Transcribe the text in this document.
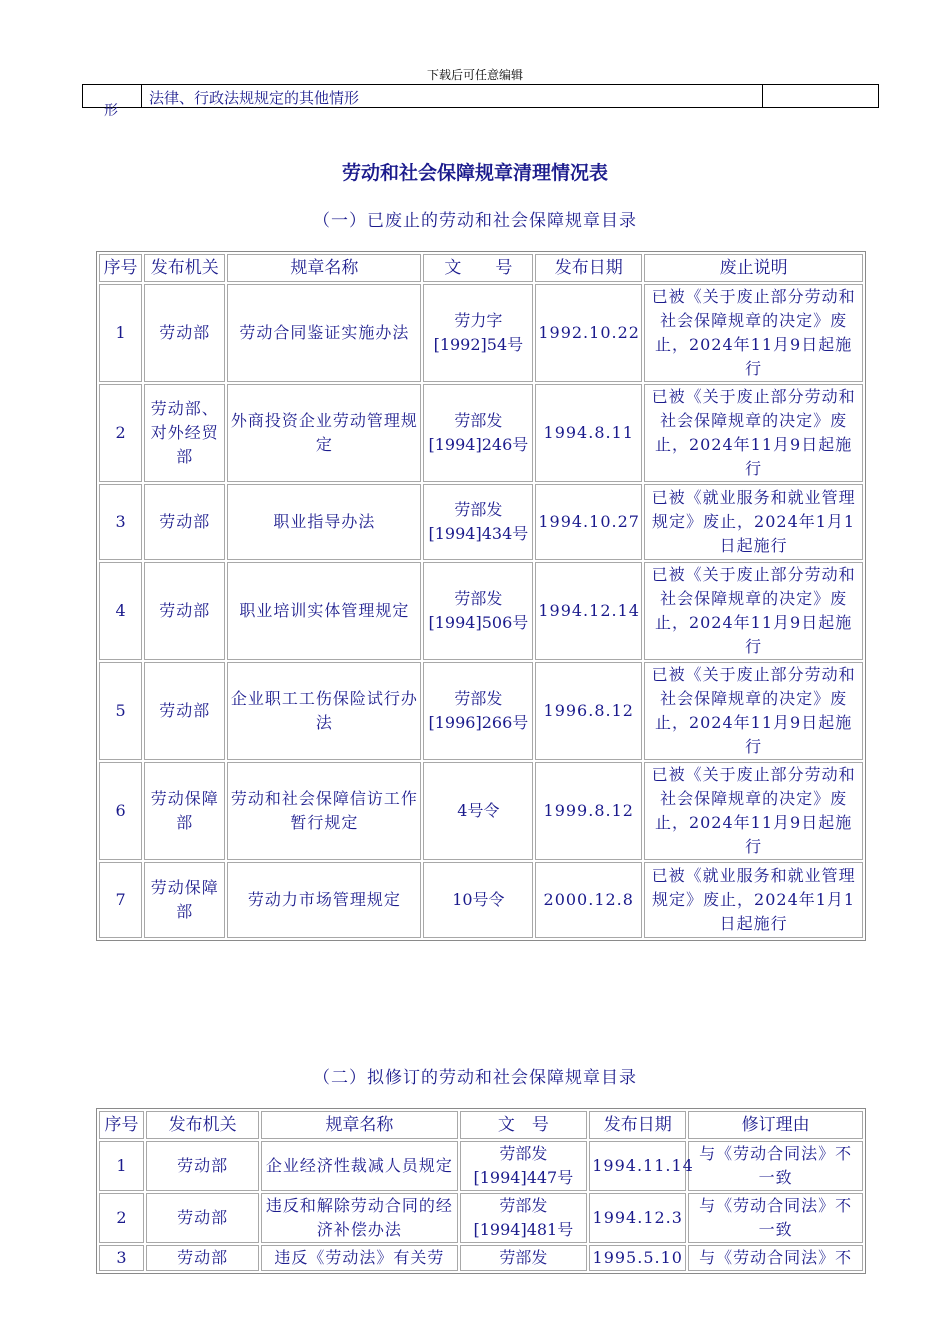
下载后可任意编辑
法律、行政法规规定的其他情形
形
劳动和社会保障规章清理情况表
（一）已废止的劳动和社会保障规章目录
序号	发布机关	规章名称	文　　号	发布日期	废止说明
1	劳动部	劳动合同鉴证实施办法	劳力字[1992]54号	1992.10.22	已被《关于废止部分劳动和社会保障规章的决定》废止，2024年11月9日起施行
2	劳动部、对外经贸部	外商投资企业劳动管理规定	劳部发[1994]246号	1994.8.11	已被《关于废止部分劳动和社会保障规章的决定》废止，2024年11月9日起施行
3	劳动部	职业指导办法	劳部发[1994]434号	1994.10.27	已被《就业服务和就业管理规定》废止，2024年1月1日起施行
4	劳动部	职业培训实体管理规定	劳部发[1994]506号	1994.12.14	已被《关于废止部分劳动和社会保障规章的决定》废止，2024年11月9日起施行
5	劳动部	企业职工工伤保险试行办法	劳部发[1996]266号	1996.8.12	已被《关于废止部分劳动和社会保障规章的决定》废止，2024年11月9日起施行
6	劳动保障部	劳动和社会保障信访工作暂行规定	4号令	1999.8.12	已被《关于废止部分劳动和社会保障规章的决定》废止，2024年11月9日起施行
7	劳动保障部	劳动力市场管理规定	10号令	2000.12.8	已被《就业服务和就业管理规定》废止，2024年1月1日起施行
（二）拟修订的劳动和社会保障规章目录
序号	发布机关	规章名称	文　号	发布日期	修订理由
1	劳动部	企业经济性裁减人员规定	劳部发[1994]447号	1994.11.14	与《劳动合同法》不一致
2	劳动部	违反和解除劳动合同的经济补偿办法	劳部发[1994]481号	1994.12.3	与《劳动合同法》不一致
3	劳动部	违反《劳动法》有关劳	劳部发	1995.5.10	与《劳动合同法》不
